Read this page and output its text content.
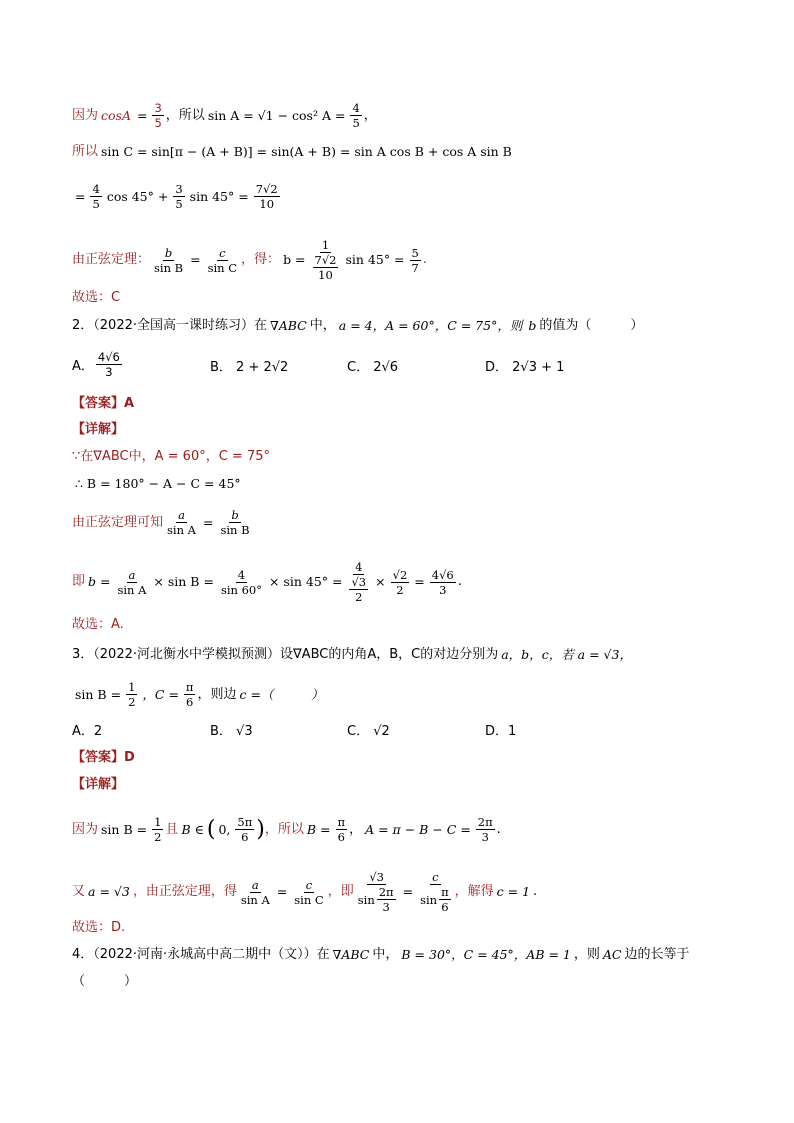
因为 $\cos A = \frac{3}{5}$ ，所以 sin A = √1 − cos² $A = \frac{4}{5}$ ，
所以 sin C = sin[π − (A + B)] = sin(A + B) = sin A cos B + cos A sin B
= $\frac{4}{5}$ $\cos 45^\circ + \frac{3}{5}$ $\sin 45^\circ = \frac{7√2}{10}$
由正弦定理： $\frac{b}{\text{sin B}} = \frac{c}{\text{sin C}}$ ，得： $b = \frac{1}{\frac{7√2}{10}}$ $\sin 45^\circ = \frac{5}{7}$ .
故选：C
2．（2022·全国高一课时练习）在 ∇ABC 中， a = 4，A = 60°，C = 75°，则 b 的值为（　　　）
A． $\frac{4√6}{3}$	B． 2 + 2√2	C． 2√6	D． 2√3 + 1
【答案】A
【详解】
∵在∇ABC中，A = 60°，C = 75°
∴ B = 180° − A − C = 45°
由正弦定理可知 $\frac{a}{\text{sin A}} = \frac{b}{\text{sin B}}$
即 $b = \frac{a}{\text{sin A}} \times \sin B = \frac{4}{\sin 60^\circ} \times \sin 45^\circ = \frac{4}{\frac{√3}{2}} \times \frac{√2}{2} = \frac{4√6}{3}$ .
故选：A.
3．（2022·河北衡水中学模拟预测）设∇ABC的内角A，B，C的对边分别为 a，b，c，若 a = √3，
$\sin B = \frac{1}{2}$ ，$C = \frac{\pi}{6}$ ，则边 c =（　　　）
A．2	B． √3	C． √2	D．1
【答案】D
【详解】
因为 $\sin B = \frac{1}{2}$ 且 B ∈ ( 0, $\frac{5\pi}{6}$ ) ，所以 $B = \frac{\pi}{6}$ ， $A = \pi - B - C = \frac{2\pi}{3}$ .
又 a = √3 ，由正弦定理，得 $\frac{a}{\text{sin A}} = \frac{c}{\text{sin C}}$ ，即 $\frac{√3}{\sin \frac{2\pi}{3}} = \frac{c}{\sin \frac{\pi}{6}}$ ，解得 c = 1 .
故选：D.
4．（2022·河南·永城高中高二期中（文））在 ∇ABC 中， B = 30°，C = 45°，AB = 1 ，则 AC 边的长等于
（　　　）
